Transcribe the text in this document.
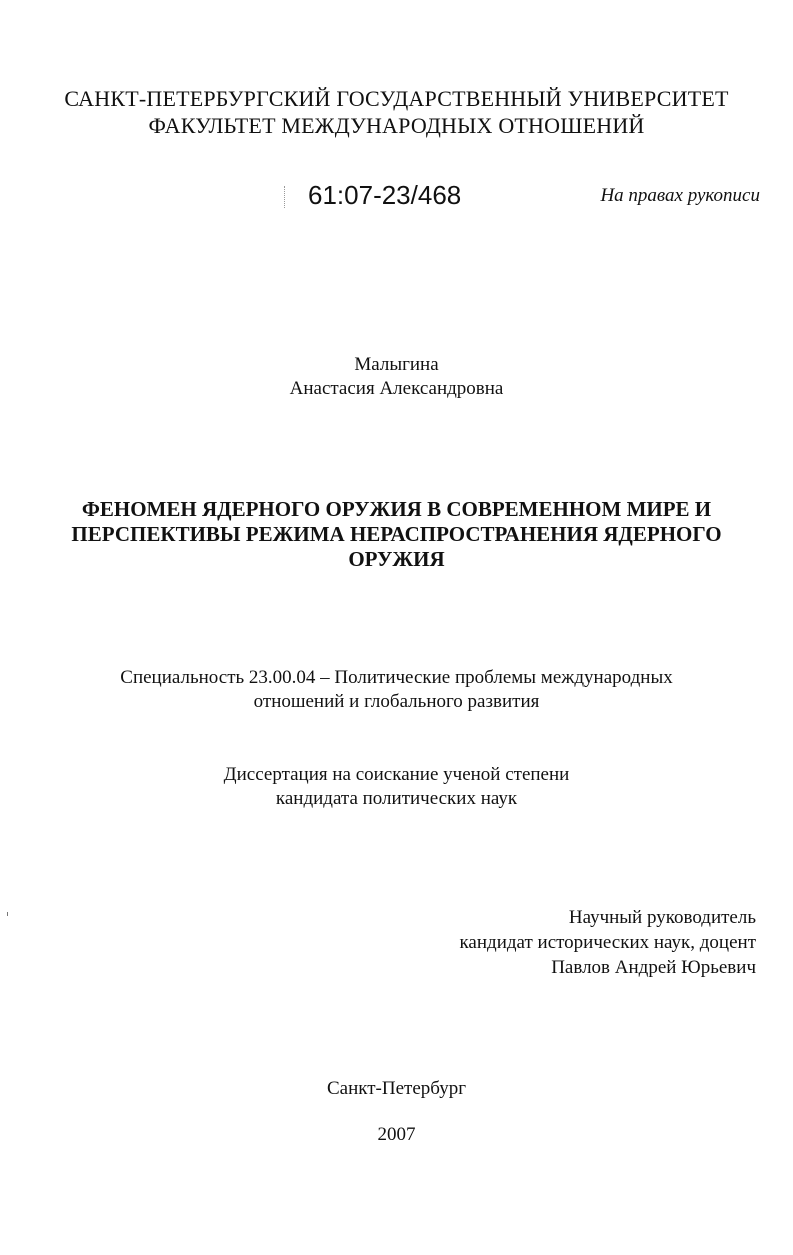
САНКТ-ПЕТЕРБУРГСКИЙ ГОСУДАРСТВЕННЫЙ УНИВЕРСИТЕТ
ФАКУЛЬТЕТ МЕЖДУНАРОДНЫХ ОТНОШЕНИЙ
61:07-23/468	На правах рукописи
Малыгина
Анастасия Александровна
ФЕНОМЕН ЯДЕРНОГО ОРУЖИЯ В СОВРЕМЕННОМ МИРЕ И
ПЕРСПЕКТИВЫ РЕЖИМА НЕРАСПРОСТРАНЕНИЯ ЯДЕРНОГО
ОРУЖИЯ
Специальность 23.00.04 – Политические проблемы международных
отношений и глобального развития
Диссертация на соискание ученой степени
кандидата политических наук
Научный руководитель
кандидат исторических наук, доцент
Павлов Андрей Юрьевич
Санкт-Петербург
2007
